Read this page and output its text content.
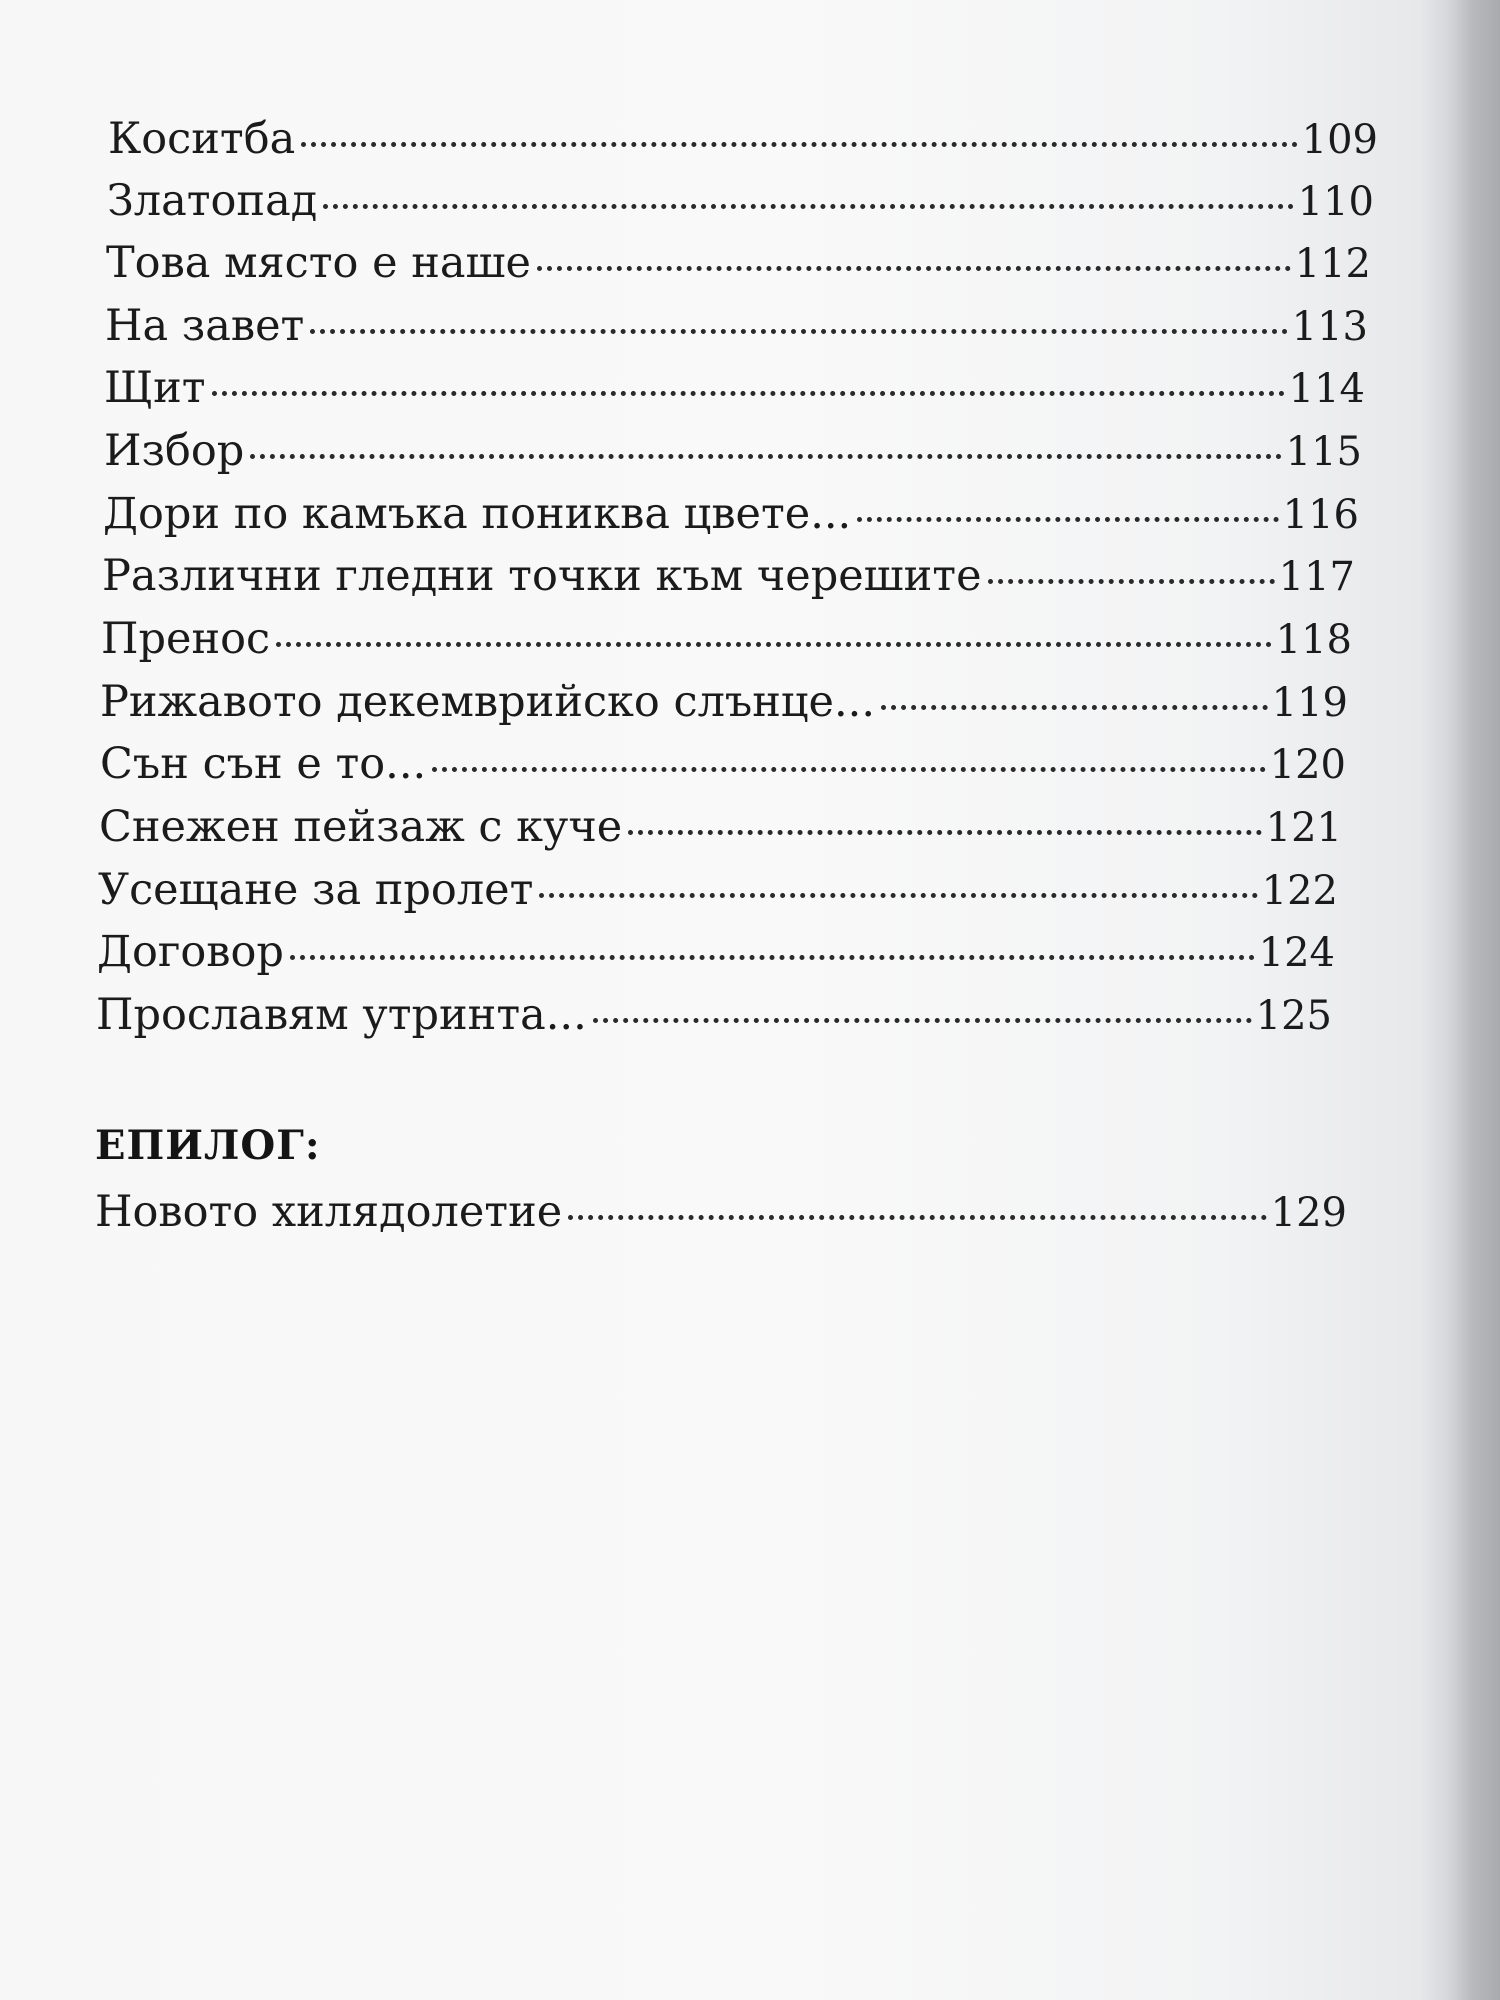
Коситба	109
Златопад	110
Това място е наше	112
На завет	113
Щит	114
Избор	115
Дори по камъка пониква цвете...	116
Различни гледни точки към черешите	117
Пренос	118
Рижавото декемврийско слънце...	119
Сън сън е то...	120
Снежен пейзаж с куче	121
Усещане за пролет	122
Договор	124
Прославям утринта...	125
ЕПИЛОГ:
Новото хилядолетие	129
